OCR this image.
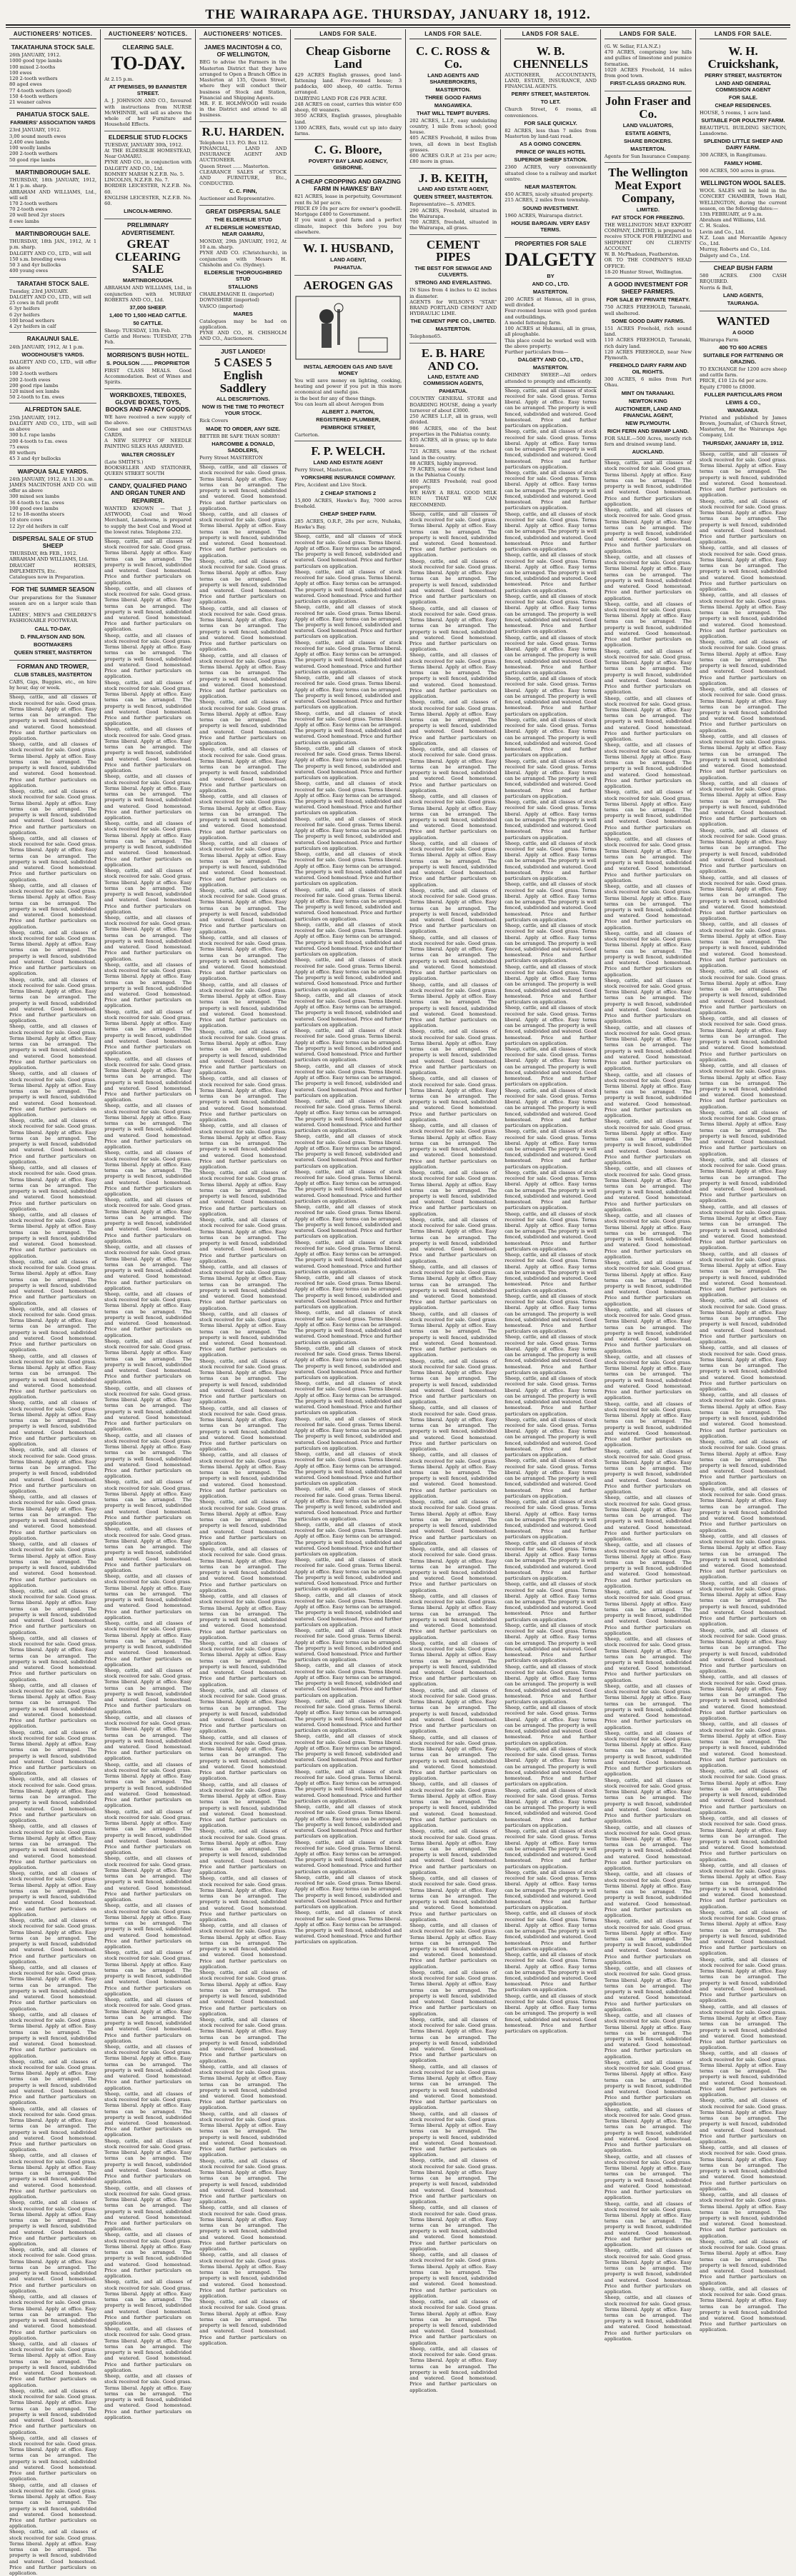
THE WAIRARAPA AGE. THURSDAY, JANUARY 18, 1912.
AUCTIONEERS' NOTICES.
TAKATAHUNA STOCK SALE.
26th JANUARY, 1912.
1000 good type lambs
100 mixed 2-tooths
100 ewes
120 2-tooth wethers
80 aged ewes
77 4-tooth wethers (good)
150 4-tooth wethers
21 weaner calves
PAHIATUA STOCK SALE.
FARMERS' ASSOCIATION YARDS
23rd JANUARY, 1912.
3,00 sound mouth ewes
2,400 ewe lambs
100 woolly lambs
200 2-tooth wethers
50 good ripe lambs
MARTINBOROUGH SALE.
THURSDAY, 18th JANUARY, 1912, At 1 p.m. sharp.
ABRAHAM AND WILLIAMS, Ltd., will sell
170 2-tooth wethers
70 2-tooth ewes
20 well bred 2yr steers
8 ewe lambs
MARTINBOROUGH SALE.
THURSDAY, 18th JAN., 1912, At 1 p.m. sharp.
DALGETY AND CO., LTD., will sell
150 s.m. breeding ewes
50 3 and 4yr bullocks
400 young ewes
TARATAHI STOCK SALE.
Tuesday, 23rd JANUARY.
DALGETY AND CO., LTD., will sell
25 cows in full profit
6 3yr heifers
6 2yr heifers
100 broad wethers
4 2yr heifers in calf
RAKAUNUI SALE.
24th JANUARY, 1912, At 1 p.m.
WOODHOUSE'S YARDS.
DALGETY AND CO., LTD., will offer as above
100 2-tooth wethers
200 2-tooth ewes
200 good ripe lambs
120 mixed sex lambs
50 2-tooth to f.m. ewes
ALFREDTON SALE.
25th JANUARY, 1912.
DALGETY AND CO., LTD., will sell as above
300 b.f. rape lambs
200 4-tooth to f.m. ewes
75 ewes
80 wethers
45 3 and 4yr bullocks
WAIPOUA SALE YARDS.
24th JANUARY, 1912, At 11.30 a.m.
JAMES MACINTOSH AND CO. will offer as above
300 mixed sex lambs
36 4-tooth to f.m. ewes
100 good ewe lambs
12 to 18-months steers
10 store cows
12 2yr old heifers in calf
DISPERSAL SALE OF STUD SHEEP
THURSDAY, 8th FEB., 1912.
ABRAHAM AND WILLIAMS, Ltd.
DRAUGHT HORSES, IMPLEMENTS, Etc.
Catalogues now in Preparation.
FOR THE SUMMER SEASON
Our preparations for the Summer season are on a larger scale than ever.
LADIES', MEN'S and CHILDREN'S FASHIONABLE FOOTWEAR.
CALL TO-DAY.
D. FINLAYSON AND SON.
BOOTMAKERS
QUEEN STREET, MASTERTON
FORMAN AND TROWER,
CLUB STABLES, MASTERTON
CABS, Gigs, Buggies, etc., on hire by hour, day or week.
Sheep, cattle, and all classes of stock received for sale. Good grass. Terms liberal. Apply at office. Easy terms can be arranged. The property is well fenced, subdivided and watered. Good homestead. Price and further particulars on application.
Sheep, cattle, and all classes of stock received for sale. Good grass. Terms liberal. Apply at office. Easy terms can be arranged. The property is well fenced, subdivided and watered. Good homestead. Price and further particulars on application.
Sheep, cattle, and all classes of stock received for sale. Good grass. Terms liberal. Apply at office. Easy terms can be arranged. The property is well fenced, subdivided and watered. Good homestead. Price and further particulars on application.
Sheep, cattle, and all classes of stock received for sale. Good grass. Terms liberal. Apply at office. Easy terms can be arranged. The property is well fenced, subdivided and watered. Good homestead. Price and further particulars on application.
Sheep, cattle, and all classes of stock received for sale. Good grass. Terms liberal. Apply at office. Easy terms can be arranged. The property is well fenced, subdivided and watered. Good homestead. Price and further particulars on application.
Sheep, cattle, and all classes of stock received for sale. Good grass. Terms liberal. Apply at office. Easy terms can be arranged. The property is well fenced, subdivided and watered. Good homestead. Price and further particulars on application.
Sheep, cattle, and all classes of stock received for sale. Good grass. Terms liberal. Apply at office. Easy terms can be arranged. The property is well fenced, subdivided and watered. Good homestead. Price and further particulars on application.
Sheep, cattle, and all classes of stock received for sale. Good grass. Terms liberal. Apply at office. Easy terms can be arranged. The property is well fenced, subdivided and watered. Good homestead. Price and further particulars on application.
Sheep, cattle, and all classes of stock received for sale. Good grass. Terms liberal. Apply at office. Easy terms can be arranged. The property is well fenced, subdivided and watered. Good homestead. Price and further particulars on application.
Sheep, cattle, and all classes of stock received for sale. Good grass. Terms liberal. Apply at office. Easy terms can be arranged. The property is well fenced, subdivided and watered. Good homestead. Price and further particulars on application.
Sheep, cattle, and all classes of stock received for sale. Good grass. Terms liberal. Apply at office. Easy terms can be arranged. The property is well fenced, subdivided and watered. Good homestead. Price and further particulars on application.
Sheep, cattle, and all classes of stock received for sale. Good grass. Terms liberal. Apply at office. Easy terms can be arranged. The property is well fenced, subdivided and watered. Good homestead. Price and further particulars on application.
Sheep, cattle, and all classes of stock received for sale. Good grass. Terms liberal. Apply at office. Easy terms can be arranged. The property is well fenced, subdivided and watered. Good homestead. Price and further particulars on application.
Sheep, cattle, and all classes of stock received for sale. Good grass. Terms liberal. Apply at office. Easy terms can be arranged. The property is well fenced, subdivided and watered. Good homestead. Price and further particulars on application.
Sheep, cattle, and all classes of stock received for sale. Good grass. Terms liberal. Apply at office. Easy terms can be arranged. The property is well fenced, subdivided and watered. Good homestead. Price and further particulars on application.
Sheep, cattle, and all classes of stock received for sale. Good grass. Terms liberal. Apply at office. Easy terms can be arranged. The property is well fenced, subdivided and watered. Good homestead. Price and further particulars on application.
Sheep, cattle, and all classes of stock received for sale. Good grass. Terms liberal. Apply at office. Easy terms can be arranged. The property is well fenced, subdivided and watered. Good homestead. Price and further particulars on application.
Sheep, cattle, and all classes of stock received for sale. Good grass. Terms liberal. Apply at office. Easy terms can be arranged. The property is well fenced, subdivided and watered. Good homestead. Price and further particulars on application.
Sheep, cattle, and all classes of stock received for sale. Good grass. Terms liberal. Apply at office. Easy terms can be arranged. The property is well fenced, subdivided and watered. Good homestead. Price and further particulars on application.
Sheep, cattle, and all classes of stock received for sale. Good grass. Terms liberal. Apply at office. Easy terms can be arranged. The property is well fenced, subdivided and watered. Good homestead. Price and further particulars on application.
Sheep, cattle, and all classes of stock received for sale. Good grass. Terms liberal. Apply at office. Easy terms can be arranged. The property is well fenced, subdivided and watered. Good homestead. Price and further particulars on application.
Sheep, cattle, and all classes of stock received for sale. Good grass. Terms liberal. Apply at office. Easy terms can be arranged. The property is well fenced, subdivided and watered. Good homestead. Price and further particulars on application.
Sheep, cattle, and all classes of stock received for sale. Good grass. Terms liberal. Apply at office. Easy terms can be arranged. The property is well fenced, subdivided and watered. Good homestead. Price and further particulars on application.
Sheep, cattle, and all classes of stock received for sale. Good grass. Terms liberal. Apply at office. Easy terms can be arranged. The property is well fenced, subdivided and watered. Good homestead. Price and further particulars on application.
Sheep, cattle, and all classes of stock received for sale. Good grass. Terms liberal. Apply at office. Easy terms can be arranged. The property is well fenced, subdivided and watered. Good homestead. Price and further particulars on application.
Sheep, cattle, and all classes of stock received for sale. Good grass. Terms liberal. Apply at office. Easy terms can be arranged. The property is well fenced, subdivided and watered. Good homestead. Price and further particulars on application.
Sheep, cattle, and all classes of stock received for sale. Good grass. Terms liberal. Apply at office. Easy terms can be arranged. The property is well fenced, subdivided and watered. Good homestead. Price and further particulars on application.
Sheep, cattle, and all classes of stock received for sale. Good grass. Terms liberal. Apply at office. Easy terms can be arranged. The property is well fenced, subdivided and watered. Good homestead. Price and further particulars on application.
Sheep, cattle, and all classes of stock received for sale. Good grass. Terms liberal. Apply at office. Easy terms can be arranged. The property is well fenced, subdivided and watered. Good homestead. Price and further particulars on application.
Sheep, cattle, and all classes of stock received for sale. Good grass. Terms liberal. Apply at office. Easy terms can be arranged. The property is well fenced, subdivided and watered. Good homestead. Price and further particulars on application.
Sheep, cattle, and all classes of stock received for sale. Good grass. Terms liberal. Apply at office. Easy terms can be arranged. The property is well fenced, subdivided and watered. Good homestead. Price and further particulars on application.
Sheep, cattle, and all classes of stock received for sale. Good grass. Terms liberal. Apply at office. Easy terms can be arranged. The property is well fenced, subdivided and watered. Good homestead. Price and further particulars on application.
Sheep, cattle, and all classes of stock received for sale. Good grass. Terms liberal. Apply at office. Easy terms can be arranged. The property is well fenced, subdivided and watered. Good homestead. Price and further particulars on application.
Sheep, cattle, and all classes of stock received for sale. Good grass. Terms liberal. Apply at office. Easy terms can be arranged. The property is well fenced, subdivided and watered. Good homestead. Price and further particulars on application.
Sheep, cattle, and all classes of stock received for sale. Good grass. Terms liberal. Apply at office. Easy terms can be arranged. The property is well fenced, subdivided and watered. Good homestead. Price and further particulars on application.
Sheep, cattle, and all classes of stock received for sale. Good grass. Terms liberal. Apply at office. Easy terms can be arranged. The property is well fenced, subdivided and watered. Good homestead. Price and further particulars on application.
Sheep, cattle, and all classes of stock received for sale. Good grass. Terms liberal. Apply at office. Easy terms can be arranged. The property is well fenced, subdivided and watered. Good homestead. Price and further particulars on application.
Sheep, cattle, and all classes of stock received for sale. Good grass. Terms liberal. Apply at office. Easy terms can be arranged. The property is well fenced, subdivided and watered. Good homestead. Price and further particulars on application.
Sheep, cattle, and all classes of stock received for sale. Good grass. Terms liberal. Apply at office. Easy terms can be arranged. The property is well fenced, subdivided and watered. Good homestead. Price and further particulars on application.
Sheep, cattle, and all classes of stock received for sale. Good grass. Terms liberal. Apply at office. Easy terms can be arranged. The property is well fenced, subdivided and watered. Good homestead. Price and further particulars on application.
AUCTIONEERS' NOTICES.
CLEARING SALE.
TO-DAY.
At 2.15 p.m.
AT PREMISES, 99 BANNISTER STREET.
A. J. JOHNSON AND CO., favoured with instructions from NURSE McWHINNIE, will sell as above the whole of her Furniture and Household Effects.
ELDERSLIE STUD FLOCKS
TUESDAY, JANUARY 30th, 1912.
At THE ELDERSLIE HOMESTEAD, Near OAMARU.
PYNE AND CO., in conjunction with DALGETY AND CO., Ltd.
ROMNEY MARSH N.Z.F.B. No. 5.
LINCOLNS, N.Z.F.B. No. 7.
BORDER LEICESTER, N.Z.F.B. No. 60.
ENGLISH LEICESTER, N.Z.F.B. No. 60.
LINCOLN-MERINO.
PRELIMINARY ADVERTISEMENT.
GREAT CLEARING SALE
MARTINBOROUGH.
ABRAHAM AND WILLIAMS, Ltd., in conjunction with MURRAY ROBERTS AND CO., Ltd.
37,000 SHEEP.
1,400 TO 1,500 HEAD CATTLE.
50 CATTLE.
Sheep: TUESDAY, 13th Feb.
Cattle and Horses: TUESDAY, 27th Feb.
MORRISON'S BUSH HOTEL.
S. POULSON ........ PROPRIETOR
FIRST CLASS MEALS. Good Accommodation. Best of Wines and Spirits.
WORKBOXES, TIEBOXES, GLOVE BOXES, TOYS, BOOKS AND FANCY GOODS.
WE have received a new supply of the above.
Come and see our CHRISTMAS CARDS.
A NEW SUPPLY OF NEEDLE PAINTING SILKS HAS ARRIVED.
WALTER CROSSLEY
(Late SMITH'S.)
BOOKSELLER AND STATIONER, QUEEN STREET SOUTH
CANDY, QUALIFIED PIANO AND ORGAN TUNER AND REPAIRER.
WANTED KNOWN — That J. ASTWOOD, Coal and Wood Merchant, Lansdowne, is prepared to supply the best Coal and Wood at the lowest rates. Telephone 232.
Sheep, cattle, and all classes of stock received for sale. Good grass. Terms liberal. Apply at office. Easy terms can be arranged. The property is well fenced, subdivided and watered. Good homestead. Price and further particulars on application.
Sheep, cattle, and all classes of stock received for sale. Good grass. Terms liberal. Apply at office. Easy terms can be arranged. The property is well fenced, subdivided and watered. Good homestead. Price and further particulars on application.
Sheep, cattle, and all classes of stock received for sale. Good grass. Terms liberal. Apply at office. Easy terms can be arranged. The property is well fenced, subdivided and watered. Good homestead. Price and further particulars on application.
Sheep, cattle, and all classes of stock received for sale. Good grass. Terms liberal. Apply at office. Easy terms can be arranged. The property is well fenced, subdivided and watered. Good homestead. Price and further particulars on application.
Sheep, cattle, and all classes of stock received for sale. Good grass. Terms liberal. Apply at office. Easy terms can be arranged. The property is well fenced, subdivided and watered. Good homestead. Price and further particulars on application.
Sheep, cattle, and all classes of stock received for sale. Good grass. Terms liberal. Apply at office. Easy terms can be arranged. The property is well fenced, subdivided and watered. Good homestead. Price and further particulars on application.
Sheep, cattle, and all classes of stock received for sale. Good grass. Terms liberal. Apply at office. Easy terms can be arranged. The property is well fenced, subdivided and watered. Good homestead. Price and further particulars on application.
Sheep, cattle, and all classes of stock received for sale. Good grass. Terms liberal. Apply at office. Easy terms can be arranged. The property is well fenced, subdivided and watered. Good homestead. Price and further particulars on application.
Sheep, cattle, and all classes of stock received for sale. Good grass. Terms liberal. Apply at office. Easy terms can be arranged. The property is well fenced, subdivided and watered. Good homestead. Price and further particulars on application.
Sheep, cattle, and all classes of stock received for sale. Good grass. Terms liberal. Apply at office. Easy terms can be arranged. The property is well fenced, subdivided and watered. Good homestead. Price and further particulars on application.
Sheep, cattle, and all classes of stock received for sale. Good grass. Terms liberal. Apply at office. Easy terms can be arranged. The property is well fenced, subdivided and watered. Good homestead. Price and further particulars on application.
Sheep, cattle, and all classes of stock received for sale. Good grass. Terms liberal. Apply at office. Easy terms can be arranged. The property is well fenced, subdivided and watered. Good homestead. Price and further particulars on application.
Sheep, cattle, and all classes of stock received for sale. Good grass. Terms liberal. Apply at office. Easy terms can be arranged. The property is well fenced, subdivided and watered. Good homestead. Price and further particulars on application.
Sheep, cattle, and all classes of stock received for sale. Good grass. Terms liberal. Apply at office. Easy terms can be arranged. The property is well fenced, subdivided and watered. Good homestead. Price and further particulars on application.
Sheep, cattle, and all classes of stock received for sale. Good grass. Terms liberal. Apply at office. Easy terms can be arranged. The property is well fenced, subdivided and watered. Good homestead. Price and further particulars on application.
Sheep, cattle, and all classes of stock received for sale. Good grass. Terms liberal. Apply at office. Easy terms can be arranged. The property is well fenced, subdivided and watered. Good homestead. Price and further particulars on application.
Sheep, cattle, and all classes of stock received for sale. Good grass. Terms liberal. Apply at office. Easy terms can be arranged. The property is well fenced, subdivided and watered. Good homestead. Price and further particulars on application.
Sheep, cattle, and all classes of stock received for sale. Good grass. Terms liberal. Apply at office. Easy terms can be arranged. The property is well fenced, subdivided and watered. Good homestead. Price and further particulars on application.
Sheep, cattle, and all classes of stock received for sale. Good grass. Terms liberal. Apply at office. Easy terms can be arranged. The property is well fenced, subdivided and watered. Good homestead. Price and further particulars on application.
Sheep, cattle, and all classes of stock received for sale. Good grass. Terms liberal. Apply at office. Easy terms can be arranged. The property is well fenced, subdivided and watered. Good homestead. Price and further particulars on application.
Sheep, cattle, and all classes of stock received for sale. Good grass. Terms liberal. Apply at office. Easy terms can be arranged. The property is well fenced, subdivided and watered. Good homestead. Price and further particulars on application.
Sheep, cattle, and all classes of stock received for sale. Good grass. Terms liberal. Apply at office. Easy terms can be arranged. The property is well fenced, subdivided and watered. Good homestead. Price and further particulars on application.
Sheep, cattle, and all classes of stock received for sale. Good grass. Terms liberal. Apply at office. Easy terms can be arranged. The property is well fenced, subdivided and watered. Good homestead. Price and further particulars on application.
Sheep, cattle, and all classes of stock received for sale. Good grass. Terms liberal. Apply at office. Easy terms can be arranged. The property is well fenced, subdivided and watered. Good homestead. Price and further particulars on application.
Sheep, cattle, and all classes of stock received for sale. Good grass. Terms liberal. Apply at office. Easy terms can be arranged. The property is well fenced, subdivided and watered. Good homestead. Price and further particulars on application.
Sheep, cattle, and all classes of stock received for sale. Good grass. Terms liberal. Apply at office. Easy terms can be arranged. The property is well fenced, subdivided and watered. Good homestead. Price and further particulars on application.
Sheep, cattle, and all classes of stock received for sale. Good grass. Terms liberal. Apply at office. Easy terms can be arranged. The property is well fenced, subdivided and watered. Good homestead. Price and further particulars on application.
Sheep, cattle, and all classes of stock received for sale. Good grass. Terms liberal. Apply at office. Easy terms can be arranged. The property is well fenced, subdivided and watered. Good homestead. Price and further particulars on application.
Sheep, cattle, and all classes of stock received for sale. Good grass. Terms liberal. Apply at office. Easy terms can be arranged. The property is well fenced, subdivided and watered. Good homestead. Price and further particulars on application.
Sheep, cattle, and all classes of stock received for sale. Good grass. Terms liberal. Apply at office. Easy terms can be arranged. The property is well fenced, subdivided and watered. Good homestead. Price and further particulars on application.
Sheep, cattle, and all classes of stock received for sale. Good grass. Terms liberal. Apply at office. Easy terms can be arranged. The property is well fenced, subdivided and watered. Good homestead. Price and further particulars on application.
Sheep, cattle, and all classes of stock received for sale. Good grass. Terms liberal. Apply at office. Easy terms can be arranged. The property is well fenced, subdivided and watered. Good homestead. Price and further particulars on application.
Sheep, cattle, and all classes of stock received for sale. Good grass. Terms liberal. Apply at office. Easy terms can be arranged. The property is well fenced, subdivided and watered. Good homestead. Price and further particulars on application.
Sheep, cattle, and all classes of stock received for sale. Good grass. Terms liberal. Apply at office. Easy terms can be arranged. The property is well fenced, subdivided and watered. Good homestead. Price and further particulars on application.
Sheep, cattle, and all classes of stock received for sale. Good grass. Terms liberal. Apply at office. Easy terms can be arranged. The property is well fenced, subdivided and watered. Good homestead. Price and further particulars on application.
Sheep, cattle, and all classes of stock received for sale. Good grass. Terms liberal. Apply at office. Easy terms can be arranged. The property is well fenced, subdivided and watered. Good homestead. Price and further particulars on application.
Sheep, cattle, and all classes of stock received for sale. Good grass. Terms liberal. Apply at office. Easy terms can be arranged. The property is well fenced, subdivided and watered. Good homestead. Price and further particulars on application.
Sheep, cattle, and all classes of stock received for sale. Good grass. Terms liberal. Apply at office. Easy terms can be arranged. The property is well fenced, subdivided and watered. Good homestead. Price and further particulars on application.
Sheep, cattle, and all classes of stock received for sale. Good grass. Terms liberal. Apply at office. Easy terms can be arranged. The property is well fenced, subdivided and watered. Good homestead. Price and further particulars on application.
Sheep, cattle, and all classes of stock received for sale. Good grass. Terms liberal. Apply at office. Easy terms can be arranged. The property is well fenced, subdivided and watered. Good homestead. Price and further particulars on application.
AUCTIONEERS' NOTICES.
JAMES MACINTOSH & CO, OF WELLINGTON,
BEG to advise the Farmers in the Masterton District that they have arranged to Open a Branch Office in Masterton at 135, Queen Street, where they will conduct their business of Stock and Station, Financial and Shipping Agents.
MR. F. E. HOLMWOOD will reside in the District and attend to all business.
R.U. HARDEN.
Telephone 113. P.O. Box 112.
FINANCIAL, LAND AND INSURANCE AGENT AND AUCTIONEER.
Queen Street ...... Masterton.
CLEARANCE SALES of STOCK AND FURNITURE, Etc., CONDUCTED.
C. C. FINN,
Auctioneer and Representative.
GREAT DISPERSAL SALE
THE ELDERSLIE STUD
AT ELDERSLIE HOMESTEAD, NEAR OAMARU,
MONDAY, 29th JANUARY, 1912, At 10 a.m. sharp.
PYNE AND CO. (Christchurch), in conjunction with Messrs H. Chisholm and Co. (Sydney).
ELDERSLIE THOROUGHBRED STUD
STALLIONS
CHARLEMAGNE II. (imported)
DOWNSHIRE (imported)
VASCO (imported)
MARES
Catalogues may be had on application.
PYNE AND CO., H. CHISHOLM AND CO., Auctioneers.
JUST LANDED!
5 CASES 5 English Saddlery
ALL DESCRIPTIONS.
NOW IS THE TIME TO PROTECT YOUR STOCK.
Rick Covers
MADE TO ORDER, ANY SIZE.
BETTER BE SAFE THAN SORRY!
HARCOMBE & DONALD, SADDLERS,
Perry Street MASTERTON
Sheep, cattle, and all classes of stock received for sale. Good grass. Terms liberal. Apply at office. Easy terms can be arranged. The property is well fenced, subdivided and watered. Good homestead. Price and further particulars on application.
Sheep, cattle, and all classes of stock received for sale. Good grass. Terms liberal. Apply at office. Easy terms can be arranged. The property is well fenced, subdivided and watered. Good homestead. Price and further particulars on application.
Sheep, cattle, and all classes of stock received for sale. Good grass. Terms liberal. Apply at office. Easy terms can be arranged. The property is well fenced, subdivided and watered. Good homestead. Price and further particulars on application.
Sheep, cattle, and all classes of stock received for sale. Good grass. Terms liberal. Apply at office. Easy terms can be arranged. The property is well fenced, subdivided and watered. Good homestead. Price and further particulars on application.
Sheep, cattle, and all classes of stock received for sale. Good grass. Terms liberal. Apply at office. Easy terms can be arranged. The property is well fenced, subdivided and watered. Good homestead. Price and further particulars on application.
Sheep, cattle, and all classes of stock received for sale. Good grass. Terms liberal. Apply at office. Easy terms can be arranged. The property is well fenced, subdivided and watered. Good homestead. Price and further particulars on application.
Sheep, cattle, and all classes of stock received for sale. Good grass. Terms liberal. Apply at office. Easy terms can be arranged. The property is well fenced, subdivided and watered. Good homestead. Price and further particulars on application.
Sheep, cattle, and all classes of stock received for sale. Good grass. Terms liberal. Apply at office. Easy terms can be arranged. The property is well fenced, subdivided and watered. Good homestead. Price and further particulars on application.
Sheep, cattle, and all classes of stock received for sale. Good grass. Terms liberal. Apply at office. Easy terms can be arranged. The property is well fenced, subdivided and watered. Good homestead. Price and further particulars on application.
Sheep, cattle, and all classes of stock received for sale. Good grass. Terms liberal. Apply at office. Easy terms can be arranged. The property is well fenced, subdivided and watered. Good homestead. Price and further particulars on application.
Sheep, cattle, and all classes of stock received for sale. Good grass. Terms liberal. Apply at office. Easy terms can be arranged. The property is well fenced, subdivided and watered. Good homestead. Price and further particulars on application.
Sheep, cattle, and all classes of stock received for sale. Good grass. Terms liberal. Apply at office. Easy terms can be arranged. The property is well fenced, subdivided and watered. Good homestead. Price and further particulars on application.
Sheep, cattle, and all classes of stock received for sale. Good grass. Terms liberal. Apply at office. Easy terms can be arranged. The property is well fenced, subdivided and watered. Good homestead. Price and further particulars on application.
Sheep, cattle, and all classes of stock received for sale. Good grass. Terms liberal. Apply at office. Easy terms can be arranged. The property is well fenced, subdivided and watered. Good homestead. Price and further particulars on application.
Sheep, cattle, and all classes of stock received for sale. Good grass. Terms liberal. Apply at office. Easy terms can be arranged. The property is well fenced, subdivided and watered. Good homestead. Price and further particulars on application.
Sheep, cattle, and all classes of stock received for sale. Good grass. Terms liberal. Apply at office. Easy terms can be arranged. The property is well fenced, subdivided and watered. Good homestead. Price and further particulars on application.
Sheep, cattle, and all classes of stock received for sale. Good grass. Terms liberal. Apply at office. Easy terms can be arranged. The property is well fenced, subdivided and watered. Good homestead. Price and further particulars on application.
Sheep, cattle, and all classes of stock received for sale. Good grass. Terms liberal. Apply at office. Easy terms can be arranged. The property is well fenced, subdivided and watered. Good homestead. Price and further particulars on application.
Sheep, cattle, and all classes of stock received for sale. Good grass. Terms liberal. Apply at office. Easy terms can be arranged. The property is well fenced, subdivided and watered. Good homestead. Price and further particulars on application.
Sheep, cattle, and all classes of stock received for sale. Good grass. Terms liberal. Apply at office. Easy terms can be arranged. The property is well fenced, subdivided and watered. Good homestead. Price and further particulars on application.
Sheep, cattle, and all classes of stock received for sale. Good grass. Terms liberal. Apply at office. Easy terms can be arranged. The property is well fenced, subdivided and watered. Good homestead. Price and further particulars on application.
Sheep, cattle, and all classes of stock received for sale. Good grass. Terms liberal. Apply at office. Easy terms can be arranged. The property is well fenced, subdivided and watered. Good homestead. Price and further particulars on application.
Sheep, cattle, and all classes of stock received for sale. Good grass. Terms liberal. Apply at office. Easy terms can be arranged. The property is well fenced, subdivided and watered. Good homestead. Price and further particulars on application.
Sheep, cattle, and all classes of stock received for sale. Good grass. Terms liberal. Apply at office. Easy terms can be arranged. The property is well fenced, subdivided and watered. Good homestead. Price and further particulars on application.
Sheep, cattle, and all classes of stock received for sale. Good grass. Terms liberal. Apply at office. Easy terms can be arranged. The property is well fenced, subdivided and watered. Good homestead. Price and further particulars on application.
Sheep, cattle, and all classes of stock received for sale. Good grass. Terms liberal. Apply at office. Easy terms can be arranged. The property is well fenced, subdivided and watered. Good homestead. Price and further particulars on application.
Sheep, cattle, and all classes of stock received for sale. Good grass. Terms liberal. Apply at office. Easy terms can be arranged. The property is well fenced, subdivided and watered. Good homestead. Price and further particulars on application.
Sheep, cattle, and all classes of stock received for sale. Good grass. Terms liberal. Apply at office. Easy terms can be arranged. The property is well fenced, subdivided and watered. Good homestead. Price and further particulars on application.
Sheep, cattle, and all classes of stock received for sale. Good grass. Terms liberal. Apply at office. Easy terms can be arranged. The property is well fenced, subdivided and watered. Good homestead. Price and further particulars on application.
Sheep, cattle, and all classes of stock received for sale. Good grass. Terms liberal. Apply at office. Easy terms can be arranged. The property is well fenced, subdivided and watered. Good homestead. Price and further particulars on application.
Sheep, cattle, and all classes of stock received for sale. Good grass. Terms liberal. Apply at office. Easy terms can be arranged. The property is well fenced, subdivided and watered. Good homestead. Price and further particulars on application.
Sheep, cattle, and all classes of stock received for sale. Good grass. Terms liberal. Apply at office. Easy terms can be arranged. The property is well fenced, subdivided and watered. Good homestead. Price and further particulars on application.
Sheep, cattle, and all classes of stock received for sale. Good grass. Terms liberal. Apply at office. Easy terms can be arranged. The property is well fenced, subdivided and watered. Good homestead. Price and further particulars on application.
Sheep, cattle, and all classes of stock received for sale. Good grass. Terms liberal. Apply at office. Easy terms can be arranged. The property is well fenced, subdivided and watered. Good homestead. Price and further particulars on application.
Sheep, cattle, and all classes of stock received for sale. Good grass. Terms liberal. Apply at office. Easy terms can be arranged. The property is well fenced, subdivided and watered. Good homestead. Price and further particulars on application.
Sheep, cattle, and all classes of stock received for sale. Good grass. Terms liberal. Apply at office. Easy terms can be arranged. The property is well fenced, subdivided and watered. Good homestead. Price and further particulars on application.
Sheep, cattle, and all classes of stock received for sale. Good grass. Terms liberal. Apply at office. Easy terms can be arranged. The property is well fenced, subdivided and watered. Good homestead. Price and further particulars on application.
Sheep, cattle, and all classes of stock received for sale. Good grass. Terms liberal. Apply at office. Easy terms can be arranged. The property is well fenced, subdivided and watered. Good homestead. Price and further particulars on application.
Sheep, cattle, and all classes of stock received for sale. Good grass. Terms liberal. Apply at office. Easy terms can be arranged. The property is well fenced, subdivided and watered. Good homestead. Price and further particulars on application.
Sheep, cattle, and all classes of stock received for sale. Good grass. Terms liberal. Apply at office. Easy terms can be arranged. The property is well fenced, subdivided and watered. Good homestead. Price and further particulars on application.
LANDS FOR SALE.
Cheap Gisborne Land
429 ACRES English grasses, good land-fattening land. Five-roomed house; 3 paddocks, 400 sheep, 40 cattle. Terms arranged.
DAIRYING LAND FOR £26 PER ACRE.
248 ACRES on coast, carries this winter 650 sheep, 60 weaners.
3050 ACRES, English grasses, ploughable land.
1300 ACRES, flats, would cut up into dairy farms.
C. G. Bloore,
POVERTY BAY LAND AGENCY, GISBORNE.
A CHEAP CROPPING AND GRAZING FARM IN HAWKES' BAY
821 ACRES, lease in perpetuity, Government rent 8s 3d per acre.
PRICE £9 10s per acre for owner's goodwill. Mortgage £400 to Government.
If you want a good farm and a perfect climate, inspect this before you buy elsewhere.
W. I. HUSBAND,
LAND AGENT,
PAHIATUA.
AEROGEN GAS
INSTAL AEROGEN GAS AND SAVE MONEY
You will save money on lighting, cooking, heating and power if you put in this more economical and useful gas.
is the best for any of these things.
You can learn all about Aerogen from
ALBERT J. PARTON,
REGISTERED PLUMBER,
PEMBROKE STREET,
Carterton.
F. P. WELCH.
LAND AND ESTATE AGENT
Perry Street, Masterton.
YORKSHIRE INSURANCE COMPANY.
Fire, Accident and Live Stock.
2 CHEAP STATIONS 2
15,800 ACRES, Hawke's Bay, 7000 acres freehold.
CHEAP SHEEP FARM.
285 ACRES, O.R.P., 28s per acre, Nuhaka, Hawke's Bay.
Sheep, cattle, and all classes of stock received for sale. Good grass. Terms liberal. Apply at office. Easy terms can be arranged. The property is well fenced, subdivided and watered. Good homestead. Price and further particulars on application.
Sheep, cattle, and all classes of stock received for sale. Good grass. Terms liberal. Apply at office. Easy terms can be arranged. The property is well fenced, subdivided and watered. Good homestead. Price and further particulars on application.
Sheep, cattle, and all classes of stock received for sale. Good grass. Terms liberal. Apply at office. Easy terms can be arranged. The property is well fenced, subdivided and watered. Good homestead. Price and further particulars on application.
Sheep, cattle, and all classes of stock received for sale. Good grass. Terms liberal. Apply at office. Easy terms can be arranged. The property is well fenced, subdivided and watered. Good homestead. Price and further particulars on application.
Sheep, cattle, and all classes of stock received for sale. Good grass. Terms liberal. Apply at office. Easy terms can be arranged. The property is well fenced, subdivided and watered. Good homestead. Price and further particulars on application.
Sheep, cattle, and all classes of stock received for sale. Good grass. Terms liberal. Apply at office. Easy terms can be arranged. The property is well fenced, subdivided and watered. Good homestead. Price and further particulars on application.
Sheep, cattle, and all classes of stock received for sale. Good grass. Terms liberal. Apply at office. Easy terms can be arranged. The property is well fenced, subdivided and watered. Good homestead. Price and further particulars on application.
Sheep, cattle, and all classes of stock received for sale. Good grass. Terms liberal. Apply at office. Easy terms can be arranged. The property is well fenced, subdivided and watered. Good homestead. Price and further particulars on application.
Sheep, cattle, and all classes of stock received for sale. Good grass. Terms liberal. Apply at office. Easy terms can be arranged. The property is well fenced, subdivided and watered. Good homestead. Price and further particulars on application.
Sheep, cattle, and all classes of stock received for sale. Good grass. Terms liberal. Apply at office. Easy terms can be arranged. The property is well fenced, subdivided and watered. Good homestead. Price and further particulars on application.
Sheep, cattle, and all classes of stock received for sale. Good grass. Terms liberal. Apply at office. Easy terms can be arranged. The property is well fenced, subdivided and watered. Good homestead. Price and further particulars on application.
Sheep, cattle, and all classes of stock received for sale. Good grass. Terms liberal. Apply at office. Easy terms can be arranged. The property is well fenced, subdivided and watered. Good homestead. Price and further particulars on application.
Sheep, cattle, and all classes of stock received for sale. Good grass. Terms liberal. Apply at office. Easy terms can be arranged. The property is well fenced, subdivided and watered. Good homestead. Price and further particulars on application.
Sheep, cattle, and all classes of stock received for sale. Good grass. Terms liberal. Apply at office. Easy terms can be arranged. The property is well fenced, subdivided and watered. Good homestead. Price and further particulars on application.
Sheep, cattle, and all classes of stock received for sale. Good grass. Terms liberal. Apply at office. Easy terms can be arranged. The property is well fenced, subdivided and watered. Good homestead. Price and further particulars on application.
Sheep, cattle, and all classes of stock received for sale. Good grass. Terms liberal. Apply at office. Easy terms can be arranged. The property is well fenced, subdivided and watered. Good homestead. Price and further particulars on application.
Sheep, cattle, and all classes of stock received for sale. Good grass. Terms liberal. Apply at office. Easy terms can be arranged. The property is well fenced, subdivided and watered. Good homestead. Price and further particulars on application.
Sheep, cattle, and all classes of stock received for sale. Good grass. Terms liberal. Apply at office. Easy terms can be arranged. The property is well fenced, subdivided and watered. Good homestead. Price and further particulars on application.
Sheep, cattle, and all classes of stock received for sale. Good grass. Terms liberal. Apply at office. Easy terms can be arranged. The property is well fenced, subdivided and watered. Good homestead. Price and further particulars on application.
Sheep, cattle, and all classes of stock received for sale. Good grass. Terms liberal. Apply at office. Easy terms can be arranged. The property is well fenced, subdivided and watered. Good homestead. Price and further particulars on application.
Sheep, cattle, and all classes of stock received for sale. Good grass. Terms liberal. Apply at office. Easy terms can be arranged. The property is well fenced, subdivided and watered. Good homestead. Price and further particulars on application.
Sheep, cattle, and all classes of stock received for sale. Good grass. Terms liberal. Apply at office. Easy terms can be arranged. The property is well fenced, subdivided and watered. Good homestead. Price and further particulars on application.
Sheep, cattle, and all classes of stock received for sale. Good grass. Terms liberal. Apply at office. Easy terms can be arranged. The property is well fenced, subdivided and watered. Good homestead. Price and further particulars on application.
Sheep, cattle, and all classes of stock received for sale. Good grass. Terms liberal. Apply at office. Easy terms can be arranged. The property is well fenced, subdivided and watered. Good homestead. Price and further particulars on application.
Sheep, cattle, and all classes of stock received for sale. Good grass. Terms liberal. Apply at office. Easy terms can be arranged. The property is well fenced, subdivided and watered. Good homestead. Price and further particulars on application.
Sheep, cattle, and all classes of stock received for sale. Good grass. Terms liberal. Apply at office. Easy terms can be arranged. The property is well fenced, subdivided and watered. Good homestead. Price and further particulars on application.
Sheep, cattle, and all classes of stock received for sale. Good grass. Terms liberal. Apply at office. Easy terms can be arranged. The property is well fenced, subdivided and watered. Good homestead. Price and further particulars on application.
Sheep, cattle, and all classes of stock received for sale. Good grass. Terms liberal. Apply at office. Easy terms can be arranged. The property is well fenced, subdivided and watered. Good homestead. Price and further particulars on application.
Sheep, cattle, and all classes of stock received for sale. Good grass. Terms liberal. Apply at office. Easy terms can be arranged. The property is well fenced, subdivided and watered. Good homestead. Price and further particulars on application.
Sheep, cattle, and all classes of stock received for sale. Good grass. Terms liberal. Apply at office. Easy terms can be arranged. The property is well fenced, subdivided and watered. Good homestead. Price and further particulars on application.
Sheep, cattle, and all classes of stock received for sale. Good grass. Terms liberal. Apply at office. Easy terms can be arranged. The property is well fenced, subdivided and watered. Good homestead. Price and further particulars on application.
Sheep, cattle, and all classes of stock received for sale. Good grass. Terms liberal. Apply at office. Easy terms can be arranged. The property is well fenced, subdivided and watered. Good homestead. Price and further particulars on application.
Sheep, cattle, and all classes of stock received for sale. Good grass. Terms liberal. Apply at office. Easy terms can be arranged. The property is well fenced, subdivided and watered. Good homestead. Price and further particulars on application.
Sheep, cattle, and all classes of stock received for sale. Good grass. Terms liberal. Apply at office. Easy terms can be arranged. The property is well fenced, subdivided and watered. Good homestead. Price and further particulars on application.
Sheep, cattle, and all classes of stock received for sale. Good grass. Terms liberal. Apply at office. Easy terms can be arranged. The property is well fenced, subdivided and watered. Good homestead. Price and further particulars on application.
Sheep, cattle, and all classes of stock received for sale. Good grass. Terms liberal. Apply at office. Easy terms can be arranged. The property is well fenced, subdivided and watered. Good homestead. Price and further particulars on application.
Sheep, cattle, and all classes of stock received for sale. Good grass. Terms liberal. Apply at office. Easy terms can be arranged. The property is well fenced, subdivided and watered. Good homestead. Price and further particulars on application.
Sheep, cattle, and all classes of stock received for sale. Good grass. Terms liberal. Apply at office. Easy terms can be arranged. The property is well fenced, subdivided and watered. Good homestead. Price and further particulars on application.
Sheep, cattle, and all classes of stock received for sale. Good grass. Terms liberal. Apply at office. Easy terms can be arranged. The property is well fenced, subdivided and watered. Good homestead. Price and further particulars on application.
Sheep, cattle, and all classes of stock received for sale. Good grass. Terms liberal. Apply at office. Easy terms can be arranged. The property is well fenced, subdivided and watered. Good homestead. Price and further particulars on application.
LANDS FOR SALE.
C. C. ROSS & Co.
LAND AGENTS AND SHAREBROKERS,
MASTERTON.
THREE GOOD FARMS
MANGAWEKA.
THAT WILL TEMPT BUYERS.
202 ACRES, L.I.P., easy undulating country, 1 mile from school; good house.
405 ACRES Freehold, 8 miles from town, all down in best English grasses.
600 ACRES O.R.P. at 21s per acre; £80 more in grass.
J. B. KEITH,
LAND AND ESTATE AGENT,
QUEEN STREET, MASTERTON.
Representative—S. AYMES.
290 ACRES, Freehold, situated in the Wairarapa.
700 ACRES, freehold, situated in the Wairarapa, all grass.
CEMENT PIPES
THE BEST FOR SEWAGE AND CULVERTS.
STRONG AND EVERLASTING.
IN Sizes from 4 inches to 42 inches in diameter.
AGENTS for WILSON'S "STAR" BRAND PORTLAND CEMENT AND HYDRAULIC LIME.
THE CEMENT PIPE CO., LIMITED.
MASTERTON.
Telephone65.
E. B. HARE AND CO.
LAND, ESTATE AND COMMISSION AGENTS,
PAHIATUA.
COUNTRY GENERAL STORE and BOARDING HOUSE, doing a yearly turnover of about £3000.
250 ACRES L.I.P., all in grass, well divided.
986 ACRES, one of the best properties in the Pahiatua county.
835 ACRES, all in grass; up to date house.
721 ACRES, some of the richest land in the country.
88 ACRES, highly improved.
79 ACRES, some of the richest land in the Pahiatua County.
400 ACRES Freehold; real good property.
WE HAVE A REAL GOOD MILK RUN THAT WE CAN RECOMMEND.
Sheep, cattle, and all classes of stock received for sale. Good grass. Terms liberal. Apply at office. Easy terms can be arranged. The property is well fenced, subdivided and watered. Good homestead. Price and further particulars on application.
Sheep, cattle, and all classes of stock received for sale. Good grass. Terms liberal. Apply at office. Easy terms can be arranged. The property is well fenced, subdivided and watered. Good homestead. Price and further particulars on application.
Sheep, cattle, and all classes of stock received for sale. Good grass. Terms liberal. Apply at office. Easy terms can be arranged. The property is well fenced, subdivided and watered. Good homestead. Price and further particulars on application.
Sheep, cattle, and all classes of stock received for sale. Good grass. Terms liberal. Apply at office. Easy terms can be arranged. The property is well fenced, subdivided and watered. Good homestead. Price and further particulars on application.
Sheep, cattle, and all classes of stock received for sale. Good grass. Terms liberal. Apply at office. Easy terms can be arranged. The property is well fenced, subdivided and watered. Good homestead. Price and further particulars on application.
Sheep, cattle, and all classes of stock received for sale. Good grass. Terms liberal. Apply at office. Easy terms can be arranged. The property is well fenced, subdivided and watered. Good homestead. Price and further particulars on application.
Sheep, cattle, and all classes of stock received for sale. Good grass. Terms liberal. Apply at office. Easy terms can be arranged. The property is well fenced, subdivided and watered. Good homestead. Price and further particulars on application.
Sheep, cattle, and all classes of stock received for sale. Good grass. Terms liberal. Apply at office. Easy terms can be arranged. The property is well fenced, subdivided and watered. Good homestead. Price and further particulars on application.
Sheep, cattle, and all classes of stock received for sale. Good grass. Terms liberal. Apply at office. Easy terms can be arranged. The property is well fenced, subdivided and watered. Good homestead. Price and further particulars on application.
Sheep, cattle, and all classes of stock received for sale. Good grass. Terms liberal. Apply at office. Easy terms can be arranged. The property is well fenced, subdivided and watered. Good homestead. Price and further particulars on application.
Sheep, cattle, and all classes of stock received for sale. Good grass. Terms liberal. Apply at office. Easy terms can be arranged. The property is well fenced, subdivided and watered. Good homestead. Price and further particulars on application.
Sheep, cattle, and all classes of stock received for sale. Good grass. Terms liberal. Apply at office. Easy terms can be arranged. The property is well fenced, subdivided and watered. Good homestead. Price and further particulars on application.
Sheep, cattle, and all classes of stock received for sale. Good grass. Terms liberal. Apply at office. Easy terms can be arranged. The property is well fenced, subdivided and watered. Good homestead. Price and further particulars on application.
Sheep, cattle, and all classes of stock received for sale. Good grass. Terms liberal. Apply at office. Easy terms can be arranged. The property is well fenced, subdivided and watered. Good homestead. Price and further particulars on application.
Sheep, cattle, and all classes of stock received for sale. Good grass. Terms liberal. Apply at office. Easy terms can be arranged. The property is well fenced, subdivided and watered. Good homestead. Price and further particulars on application.
Sheep, cattle, and all classes of stock received for sale. Good grass. Terms liberal. Apply at office. Easy terms can be arranged. The property is well fenced, subdivided and watered. Good homestead. Price and further particulars on application.
Sheep, cattle, and all classes of stock received for sale. Good grass. Terms liberal. Apply at office. Easy terms can be arranged. The property is well fenced, subdivided and watered. Good homestead. Price and further particulars on application.
Sheep, cattle, and all classes of stock received for sale. Good grass. Terms liberal. Apply at office. Easy terms can be arranged. The property is well fenced, subdivided and watered. Good homestead. Price and further particulars on application.
Sheep, cattle, and all classes of stock received for sale. Good grass. Terms liberal. Apply at office. Easy terms can be arranged. The property is well fenced, subdivided and watered. Good homestead. Price and further particulars on application.
Sheep, cattle, and all classes of stock received for sale. Good grass. Terms liberal. Apply at office. Easy terms can be arranged. The property is well fenced, subdivided and watered. Good homestead. Price and further particulars on application.
Sheep, cattle, and all classes of stock received for sale. Good grass. Terms liberal. Apply at office. Easy terms can be arranged. The property is well fenced, subdivided and watered. Good homestead. Price and further particulars on application.
Sheep, cattle, and all classes of stock received for sale. Good grass. Terms liberal. Apply at office. Easy terms can be arranged. The property is well fenced, subdivided and watered. Good homestead. Price and further particulars on application.
Sheep, cattle, and all classes of stock received for sale. Good grass. Terms liberal. Apply at office. Easy terms can be arranged. The property is well fenced, subdivided and watered. Good homestead. Price and further particulars on application.
Sheep, cattle, and all classes of stock received for sale. Good grass. Terms liberal. Apply at office. Easy terms can be arranged. The property is well fenced, subdivided and watered. Good homestead. Price and further particulars on application.
Sheep, cattle, and all classes of stock received for sale. Good grass. Terms liberal. Apply at office. Easy terms can be arranged. The property is well fenced, subdivided and watered. Good homestead. Price and further particulars on application.
Sheep, cattle, and all classes of stock received for sale. Good grass. Terms liberal. Apply at office. Easy terms can be arranged. The property is well fenced, subdivided and watered. Good homestead. Price and further particulars on application.
Sheep, cattle, and all classes of stock received for sale. Good grass. Terms liberal. Apply at office. Easy terms can be arranged. The property is well fenced, subdivided and watered. Good homestead. Price and further particulars on application.
Sheep, cattle, and all classes of stock received for sale. Good grass. Terms liberal. Apply at office. Easy terms can be arranged. The property is well fenced, subdivided and watered. Good homestead. Price and further particulars on application.
Sheep, cattle, and all classes of stock received for sale. Good grass. Terms liberal. Apply at office. Easy terms can be arranged. The property is well fenced, subdivided and watered. Good homestead. Price and further particulars on application.
Sheep, cattle, and all classes of stock received for sale. Good grass. Terms liberal. Apply at office. Easy terms can be arranged. The property is well fenced, subdivided and watered. Good homestead. Price and further particulars on application.
Sheep, cattle, and all classes of stock received for sale. Good grass. Terms liberal. Apply at office. Easy terms can be arranged. The property is well fenced, subdivided and watered. Good homestead. Price and further particulars on application.
Sheep, cattle, and all classes of stock received for sale. Good grass. Terms liberal. Apply at office. Easy terms can be arranged. The property is well fenced, subdivided and watered. Good homestead. Price and further particulars on application.
Sheep, cattle, and all classes of stock received for sale. Good grass. Terms liberal. Apply at office. Easy terms can be arranged. The property is well fenced, subdivided and watered. Good homestead. Price and further particulars on application.
Sheep, cattle, and all classes of stock received for sale. Good grass. Terms liberal. Apply at office. Easy terms can be arranged. The property is well fenced, subdivided and watered. Good homestead. Price and further particulars on application.
Sheep, cattle, and all classes of stock received for sale. Good grass. Terms liberal. Apply at office. Easy terms can be arranged. The property is well fenced, subdivided and watered. Good homestead. Price and further particulars on application.
Sheep, cattle, and all classes of stock received for sale. Good grass. Terms liberal. Apply at office. Easy terms can be arranged. The property is well fenced, subdivided and watered. Good homestead. Price and further particulars on application.
Sheep, cattle, and all classes of stock received for sale. Good grass. Terms liberal. Apply at office. Easy terms can be arranged. The property is well fenced, subdivided and watered. Good homestead. Price and further particulars on application.
Sheep, cattle, and all classes of stock received for sale. Good grass. Terms liberal. Apply at office. Easy terms can be arranged. The property is well fenced, subdivided and watered. Good homestead. Price and further particulars on application.
Sheep, cattle, and all classes of stock received for sale. Good grass. Terms liberal. Apply at office. Easy terms can be arranged. The property is well fenced, subdivided and watered. Good homestead. Price and further particulars on application.
Sheep, cattle, and all classes of stock received for sale. Good grass. Terms liberal. Apply at office. Easy terms can be arranged. The property is well fenced, subdivided and watered. Good homestead. Price and further particulars on application.
LANDS FOR SALE.
W. B. CHENNELLS
AUCTIONEER, ACCOUNTANTS, LAND, ESTATE, INSURANCE, AND FINANCIAL AGENTS.
PERRY STREET, MASTERTON.
TO LET.
Church Street, 6 rooms, all conveniences.
FOR SALE QUICKLY.
82 ACRES, less than 7 miles from Masterton by land-taxi road.
AS A GOING CONCERN.
PRINCE OF WALES HOTEL
SUPERIOR SHEEP STATION.
2360 ACRES, very conveniently situated close to a railway and market centre.
NEAR MASTERTON.
450 ACRES, nicely situated property.
215 ACRES, 2 miles from township.
SOUND INVESTMENT.
1960 ACRES, Wairarapa district.
HOUSE BARGAIN. VERY EASY TERMS.
PROPERTIES FOR SALE
DALGETY
BY
AND CO., LTD.
MASTERTON.
200 ACRES at Hamua, all in grass, well divided.
Four-roomed house with good garden and outbuildings.
A model fattening farm.
100 ACRES at Hukanui, all in grass, all ploughable.
This place could be worked well with the above property.
Further particulars from—
DALGETY AND CO., LTD.,
MASTERTON.
CHIMNEY SWEEP.—All orders attended to promptly and efficiently.
Sheep, cattle, and all classes of stock received for sale. Good grass. Terms liberal. Apply at office. Easy terms can be arranged. The property is well fenced, subdivided and watered. Good homestead. Price and further particulars on application.
Sheep, cattle, and all classes of stock received for sale. Good grass. Terms liberal. Apply at office. Easy terms can be arranged. The property is well fenced, subdivided and watered. Good homestead. Price and further particulars on application.
Sheep, cattle, and all classes of stock received for sale. Good grass. Terms liberal. Apply at office. Easy terms can be arranged. The property is well fenced, subdivided and watered. Good homestead. Price and further particulars on application.
Sheep, cattle, and all classes of stock received for sale. Good grass. Terms liberal. Apply at office. Easy terms can be arranged. The property is well fenced, subdivided and watered. Good homestead. Price and further particulars on application.
Sheep, cattle, and all classes of stock received for sale. Good grass. Terms liberal. Apply at office. Easy terms can be arranged. The property is well fenced, subdivided and watered. Good homestead. Price and further particulars on application.
Sheep, cattle, and all classes of stock received for sale. Good grass. Terms liberal. Apply at office. Easy terms can be arranged. The property is well fenced, subdivided and watered. Good homestead. Price and further particulars on application.
Sheep, cattle, and all classes of stock received for sale. Good grass. Terms liberal. Apply at office. Easy terms can be arranged. The property is well fenced, subdivided and watered. Good homestead. Price and further particulars on application.
Sheep, cattle, and all classes of stock received for sale. Good grass. Terms liberal. Apply at office. Easy terms can be arranged. The property is well fenced, subdivided and watered. Good homestead. Price and further particulars on application.
Sheep, cattle, and all classes of stock received for sale. Good grass. Terms liberal. Apply at office. Easy terms can be arranged. The property is well fenced, subdivided and watered. Good homestead. Price and further particulars on application.
Sheep, cattle, and all classes of stock received for sale. Good grass. Terms liberal. Apply at office. Easy terms can be arranged. The property is well fenced, subdivided and watered. Good homestead. Price and further particulars on application.
Sheep, cattle, and all classes of stock received for sale. Good grass. Terms liberal. Apply at office. Easy terms can be arranged. The property is well fenced, subdivided and watered. Good homestead. Price and further particulars on application.
Sheep, cattle, and all classes of stock received for sale. Good grass. Terms liberal. Apply at office. Easy terms can be arranged. The property is well fenced, subdivided and watered. Good homestead. Price and further particulars on application.
Sheep, cattle, and all classes of stock received for sale. Good grass. Terms liberal. Apply at office. Easy terms can be arranged. The property is well fenced, subdivided and watered. Good homestead. Price and further particulars on application.
Sheep, cattle, and all classes of stock received for sale. Good grass. Terms liberal. Apply at office. Easy terms can be arranged. The property is well fenced, subdivided and watered. Good homestead. Price and further particulars on application.
Sheep, cattle, and all classes of stock received for sale. Good grass. Terms liberal. Apply at office. Easy terms can be arranged. The property is well fenced, subdivided and watered. Good homestead. Price and further particulars on application.
Sheep, cattle, and all classes of stock received for sale. Good grass. Terms liberal. Apply at office. Easy terms can be arranged. The property is well fenced, subdivided and watered. Good homestead. Price and further particulars on application.
Sheep, cattle, and all classes of stock received for sale. Good grass. Terms liberal. Apply at office. Easy terms can be arranged. The property is well fenced, subdivided and watered. Good homestead. Price and further particulars on application.
Sheep, cattle, and all classes of stock received for sale. Good grass. Terms liberal. Apply at office. Easy terms can be arranged. The property is well fenced, subdivided and watered. Good homestead. Price and further particulars on application.
Sheep, cattle, and all classes of stock received for sale. Good grass. Terms liberal. Apply at office. Easy terms can be arranged. The property is well fenced, subdivided and watered. Good homestead. Price and further particulars on application.
Sheep, cattle, and all classes of stock received for sale. Good grass. Terms liberal. Apply at office. Easy terms can be arranged. The property is well fenced, subdivided and watered. Good homestead. Price and further particulars on application.
Sheep, cattle, and all classes of stock received for sale. Good grass. Terms liberal. Apply at office. Easy terms can be arranged. The property is well fenced, subdivided and watered. Good homestead. Price and further particulars on application.
Sheep, cattle, and all classes of stock received for sale. Good grass. Terms liberal. Apply at office. Easy terms can be arranged. The property is well fenced, subdivided and watered. Good homestead. Price and further particulars on application.
Sheep, cattle, and all classes of stock received for sale. Good grass. Terms liberal. Apply at office. Easy terms can be arranged. The property is well fenced, subdivided and watered. Good homestead. Price and further particulars on application.
Sheep, cattle, and all classes of stock received for sale. Good grass. Terms liberal. Apply at office. Easy terms can be arranged. The property is well fenced, subdivided and watered. Good homestead. Price and further particulars on application.
Sheep, cattle, and all classes of stock received for sale. Good grass. Terms liberal. Apply at office. Easy terms can be arranged. The property is well fenced, subdivided and watered. Good homestead. Price and further particulars on application.
Sheep, cattle, and all classes of stock received for sale. Good grass. Terms liberal. Apply at office. Easy terms can be arranged. The property is well fenced, subdivided and watered. Good homestead. Price and further particulars on application.
Sheep, cattle, and all classes of stock received for sale. Good grass. Terms liberal. Apply at office. Easy terms can be arranged. The property is well fenced, subdivided and watered. Good homestead. Price and further particulars on application.
Sheep, cattle, and all classes of stock received for sale. Good grass. Terms liberal. Apply at office. Easy terms can be arranged. The property is well fenced, subdivided and watered. Good homestead. Price and further particulars on application.
Sheep, cattle, and all classes of stock received for sale. Good grass. Terms liberal. Apply at office. Easy terms can be arranged. The property is well fenced, subdivided and watered. Good homestead. Price and further particulars on application.
Sheep, cattle, and all classes of stock received for sale. Good grass. Terms liberal. Apply at office. Easy terms can be arranged. The property is well fenced, subdivided and watered. Good homestead. Price and further particulars on application.
Sheep, cattle, and all classes of stock received for sale. Good grass. Terms liberal. Apply at office. Easy terms can be arranged. The property is well fenced, subdivided and watered. Good homestead. Price and further particulars on application.
Sheep, cattle, and all classes of stock received for sale. Good grass. Terms liberal. Apply at office. Easy terms can be arranged. The property is well fenced, subdivided and watered. Good homestead. Price and further particulars on application.
Sheep, cattle, and all classes of stock received for sale. Good grass. Terms liberal. Apply at office. Easy terms can be arranged. The property is well fenced, subdivided and watered. Good homestead. Price and further particulars on application.
Sheep, cattle, and all classes of stock received for sale. Good grass. Terms liberal. Apply at office. Easy terms can be arranged. The property is well fenced, subdivided and watered. Good homestead. Price and further particulars on application.
Sheep, cattle, and all classes of stock received for sale. Good grass. Terms liberal. Apply at office. Easy terms can be arranged. The property is well fenced, subdivided and watered. Good homestead. Price and further particulars on application.
Sheep, cattle, and all classes of stock received for sale. Good grass. Terms liberal. Apply at office. Easy terms can be arranged. The property is well fenced, subdivided and watered. Good homestead. Price and further particulars on application.
Sheep, cattle, and all classes of stock received for sale. Good grass. Terms liberal. Apply at office. Easy terms can be arranged. The property is well fenced, subdivided and watered. Good homestead. Price and further particulars on application.
Sheep, cattle, and all classes of stock received for sale. Good grass. Terms liberal. Apply at office. Easy terms can be arranged. The property is well fenced, subdivided and watered. Good homestead. Price and further particulars on application.
Sheep, cattle, and all classes of stock received for sale. Good grass. Terms liberal. Apply at office. Easy terms can be arranged. The property is well fenced, subdivided and watered. Good homestead. Price and further particulars on application.
Sheep, cattle, and all classes of stock received for sale. Good grass. Terms liberal. Apply at office. Easy terms can be arranged. The property is well fenced, subdivided and watered. Good homestead. Price and further particulars on application.
LANDS FOR SALE.
(G. W. Sellar, F.I.A.N.Z.)
470 ACRES, comprising low hills and gullies of limestone and pumice formation.
1020 ACRES Freehold, 14 miles from good town.
FIRST-CLASS GRAZING RUN.
John Fraser and Co.
LAND VALUATORS,
ESTATE AGENTS,
SHARE BROKERS.
MASTERTON.
Agents for Sun Insurance Company.
The Wellington Meat Export Company,
LIMITED.
FAT STOCK FOR FREEZING.
THE WELLINGTON MEAT EXPORT COMPANY, LIMITED, is prepared to receive STOCK FOR FREEZING and SHIPMENT ON CLIENTS' ACCOUNT.
W. B. McPhadean, Featherston.
OR TO THE COMPANY'S HEAD OFFICE:
18-20 Hunter Street, Wellington.
A GOOD INVESTMENT FOR SHEEP FARMERS.
FOR SALE BY PRIVATE TREATY.
750 ACRES FREEHOLD, Taranaki, well sheltered.
SOME GOOD DAIRY FARMS.
151 ACRES Freehold, rich sound land.
110 ACRES FREEHOLD, Taranaki, rich dairy land.
120 ACRES FREEHOLD, near New Plymouth.
FREEHOLD DAIRY FARM AND OIL RIGHTS.
300 ACRES, 6 miles from Port Ohau.
MINT ON TARANAKI.
NEWTON KING
AUCTIONEER, LAND AND FINANCIAL AGENT,
NEW PLYMOUTH.
RICH FERN AND SWAMP LAND.
FOR SALE.—500 Acres, mostly rich fern and drained swamp land.
AUCKLAND.
Sheep, cattle, and all classes of stock received for sale. Good grass. Terms liberal. Apply at office. Easy terms can be arranged. The property is well fenced, subdivided and watered. Good homestead. Price and further particulars on application.
Sheep, cattle, and all classes of stock received for sale. Good grass. Terms liberal. Apply at office. Easy terms can be arranged. The property is well fenced, subdivided and watered. Good homestead. Price and further particulars on application.
Sheep, cattle, and all classes of stock received for sale. Good grass. Terms liberal. Apply at office. Easy terms can be arranged. The property is well fenced, subdivided and watered. Good homestead. Price and further particulars on application.
Sheep, cattle, and all classes of stock received for sale. Good grass. Terms liberal. Apply at office. Easy terms can be arranged. The property is well fenced, subdivided and watered. Good homestead. Price and further particulars on application.
Sheep, cattle, and all classes of stock received for sale. Good grass. Terms liberal. Apply at office. Easy terms can be arranged. The property is well fenced, subdivided and watered. Good homestead. Price and further particulars on application.
Sheep, cattle, and all classes of stock received for sale. Good grass. Terms liberal. Apply at office. Easy terms can be arranged. The property is well fenced, subdivided and watered. Good homestead. Price and further particulars on application.
Sheep, cattle, and all classes of stock received for sale. Good grass. Terms liberal. Apply at office. Easy terms can be arranged. The property is well fenced, subdivided and watered. Good homestead. Price and further particulars on application.
Sheep, cattle, and all classes of stock received for sale. Good grass. Terms liberal. Apply at office. Easy terms can be arranged. The property is well fenced, subdivided and watered. Good homestead. Price and further particulars on application.
Sheep, cattle, and all classes of stock received for sale. Good grass. Terms liberal. Apply at office. Easy terms can be arranged. The property is well fenced, subdivided and watered. Good homestead. Price and further particulars on application.
Sheep, cattle, and all classes of stock received for sale. Good grass. Terms liberal. Apply at office. Easy terms can be arranged. The property is well fenced, subdivided and watered. Good homestead. Price and further particulars on application.
Sheep, cattle, and all classes of stock received for sale. Good grass. Terms liberal. Apply at office. Easy terms can be arranged. The property is well fenced, subdivided and watered. Good homestead. Price and further particulars on application.
Sheep, cattle, and all classes of stock received for sale. Good grass. Terms liberal. Apply at office. Easy terms can be arranged. The property is well fenced, subdivided and watered. Good homestead. Price and further particulars on application.
Sheep, cattle, and all classes of stock received for sale. Good grass. Terms liberal. Apply at office. Easy terms can be arranged. The property is well fenced, subdivided and watered. Good homestead. Price and further particulars on application.
Sheep, cattle, and all classes of stock received for sale. Good grass. Terms liberal. Apply at office. Easy terms can be arranged. The property is well fenced, subdivided and watered. Good homestead. Price and further particulars on application.
Sheep, cattle, and all classes of stock received for sale. Good grass. Terms liberal. Apply at office. Easy terms can be arranged. The property is well fenced, subdivided and watered. Good homestead. Price and further particulars on application.
Sheep, cattle, and all classes of stock received for sale. Good grass. Terms liberal. Apply at office. Easy terms can be arranged. The property is well fenced, subdivided and watered. Good homestead. Price and further particulars on application.
Sheep, cattle, and all classes of stock received for sale. Good grass. Terms liberal. Apply at office. Easy terms can be arranged. The property is well fenced, subdivided and watered. Good homestead. Price and further particulars on application.
Sheep, cattle, and all classes of stock received for sale. Good grass. Terms liberal. Apply at office. Easy terms can be arranged. The property is well fenced, subdivided and watered. Good homestead. Price and further particulars on application.
Sheep, cattle, and all classes of stock received for sale. Good grass. Terms liberal. Apply at office. Easy terms can be arranged. The property is well fenced, subdivided and watered. Good homestead. Price and further particulars on application.
Sheep, cattle, and all classes of stock received for sale. Good grass. Terms liberal. Apply at office. Easy terms can be arranged. The property is well fenced, subdivided and watered. Good homestead. Price and further particulars on application.
Sheep, cattle, and all classes of stock received for sale. Good grass. Terms liberal. Apply at office. Easy terms can be arranged. The property is well fenced, subdivided and watered. Good homestead. Price and further particulars on application.
Sheep, cattle, and all classes of stock received for sale. Good grass. Terms liberal. Apply at office. Easy terms can be arranged. The property is well fenced, subdivided and watered. Good homestead. Price and further particulars on application.
Sheep, cattle, and all classes of stock received for sale. Good grass. Terms liberal. Apply at office. Easy terms can be arranged. The property is well fenced, subdivided and watered. Good homestead. Price and further particulars on application.
Sheep, cattle, and all classes of stock received for sale. Good grass. Terms liberal. Apply at office. Easy terms can be arranged. The property is well fenced, subdivided and watered. Good homestead. Price and further particulars on application.
Sheep, cattle, and all classes of stock received for sale. Good grass. Terms liberal. Apply at office. Easy terms can be arranged. The property is well fenced, subdivided and watered. Good homestead. Price and further particulars on application.
Sheep, cattle, and all classes of stock received for sale. Good grass. Terms liberal. Apply at office. Easy terms can be arranged. The property is well fenced, subdivided and watered. Good homestead. Price and further particulars on application.
Sheep, cattle, and all classes of stock received for sale. Good grass. Terms liberal. Apply at office. Easy terms can be arranged. The property is well fenced, subdivided and watered. Good homestead. Price and further particulars on application.
Sheep, cattle, and all classes of stock received for sale. Good grass. Terms liberal. Apply at office. Easy terms can be arranged. The property is well fenced, subdivided and watered. Good homestead. Price and further particulars on application.
Sheep, cattle, and all classes of stock received for sale. Good grass. Terms liberal. Apply at office. Easy terms can be arranged. The property is well fenced, subdivided and watered. Good homestead. Price and further particulars on application.
Sheep, cattle, and all classes of stock received for sale. Good grass. Terms liberal. Apply at office. Easy terms can be arranged. The property is well fenced, subdivided and watered. Good homestead. Price and further particulars on application.
Sheep, cattle, and all classes of stock received for sale. Good grass. Terms liberal. Apply at office. Easy terms can be arranged. The property is well fenced, subdivided and watered. Good homestead. Price and further particulars on application.
Sheep, cattle, and all classes of stock received for sale. Good grass. Terms liberal. Apply at office. Easy terms can be arranged. The property is well fenced, subdivided and watered. Good homestead. Price and further particulars on application.
Sheep, cattle, and all classes of stock received for sale. Good grass. Terms liberal. Apply at office. Easy terms can be arranged. The property is well fenced, subdivided and watered. Good homestead. Price and further particulars on application.
Sheep, cattle, and all classes of stock received for sale. Good grass. Terms liberal. Apply at office. Easy terms can be arranged. The property is well fenced, subdivided and watered. Good homestead. Price and further particulars on application.
Sheep, cattle, and all classes of stock received for sale. Good grass. Terms liberal. Apply at office. Easy terms can be arranged. The property is well fenced, subdivided and watered. Good homestead. Price and further particulars on application.
Sheep, cattle, and all classes of stock received for sale. Good grass. Terms liberal. Apply at office. Easy terms can be arranged. The property is well fenced, subdivided and watered. Good homestead. Price and further particulars on application.
Sheep, cattle, and all classes of stock received for sale. Good grass. Terms liberal. Apply at office. Easy terms can be arranged. The property is well fenced, subdivided and watered. Good homestead. Price and further particulars on application.
Sheep, cattle, and all classes of stock received for sale. Good grass. Terms liberal. Apply at office. Easy terms can be arranged. The property is well fenced, subdivided and watered. Good homestead. Price and further particulars on application.
Sheep, cattle, and all classes of stock received for sale. Good grass. Terms liberal. Apply at office. Easy terms can be arranged. The property is well fenced, subdivided and watered. Good homestead. Price and further particulars on application.
Sheep, cattle, and all classes of stock received for sale. Good grass. Terms liberal. Apply at office. Easy terms can be arranged. The property is well fenced, subdivided and watered. Good homestead. Price and further particulars on application.
LANDS FOR SALE.
W. H. Cruickshank,
PERRY STREET, MASTERTON
LAND AND GENERAL COMMISSION AGENT
FOR SALE.
CHEAP RESIDENCES.
HOUSE, 5 rooms, 1 acre land.
SUITABLE FOR POULTRY FARM.
BEAUTIFUL BUILDING SECTION, Lansdowne.
SPLENDID LITTLE SHEEP AND DAIRY FARM.
300 ACRES, in Rangitumau.
FAMILY HOME.
900 ACRES, 500 acres in grass.
WELLINGTON WOOL SALES.
WOOL SALES will be held in the CONCERT CHAMBER, Town Hall, WELLINGTON, during the current season, on the following dates:—
13th FEBRUARY, at 9 a.m.
Abraham and Williams, Ltd.
C. H. Scales.
Levin and Co., Ltd.
N.Z. Loan and Mercantile Agency Co., Ltd.
Murray, Roberts and Co., Ltd.
Dalgety and Co., Ltd.
CHEAP BUSH FARM
580 ACRES. £300 CASH REQUIRED.
Norris & Bell,
LAND AGENTS,
TAURANGA.
WANTED
A GOOD
Wairarapa Farm
400 TO 600 ACRES
SUITABLE FOR FATTENING OR GRAZING.
TO EXCHANGE for 1200 acre sheep and cattle farm.
PRICE, £10 12s 6d per acre.
Equity £7000 to £8000.
FULLER PARTICULARS FROM
LEWIS & CO.,
WANGANUI.
Printed and published by James Brown, Journalist, of Church Street, Masterton, for the Wairarapa Age Company, Ltd.
THURSDAY, JANUARY 18, 1912.
Sheep, cattle, and all classes of stock received for sale. Good grass. Terms liberal. Apply at office. Easy terms can be arranged. The property is well fenced, subdivided and watered. Good homestead. Price and further particulars on application.
Sheep, cattle, and all classes of stock received for sale. Good grass. Terms liberal. Apply at office. Easy terms can be arranged. The property is well fenced, subdivided and watered. Good homestead. Price and further particulars on application.
Sheep, cattle, and all classes of stock received for sale. Good grass. Terms liberal. Apply at office. Easy terms can be arranged. The property is well fenced, subdivided and watered. Good homestead. Price and further particulars on application.
Sheep, cattle, and all classes of stock received for sale. Good grass. Terms liberal. Apply at office. Easy terms can be arranged. The property is well fenced, subdivided and watered. Good homestead. Price and further particulars on application.
Sheep, cattle, and all classes of stock received for sale. Good grass. Terms liberal. Apply at office. Easy terms can be arranged. The property is well fenced, subdivided and watered. Good homestead. Price and further particulars on application.
Sheep, cattle, and all classes of stock received for sale. Good grass. Terms liberal. Apply at office. Easy terms can be arranged. The property is well fenced, subdivided and watered. Good homestead. Price and further particulars on application.
Sheep, cattle, and all classes of stock received for sale. Good grass. Terms liberal. Apply at office. Easy terms can be arranged. The property is well fenced, subdivided and watered. Good homestead. Price and further particulars on application.
Sheep, cattle, and all classes of stock received for sale. Good grass. Terms liberal. Apply at office. Easy terms can be arranged. The property is well fenced, subdivided and watered. Good homestead. Price and further particulars on application.
Sheep, cattle, and all classes of stock received for sale. Good grass. Terms liberal. Apply at office. Easy terms can be arranged. The property is well fenced, subdivided and watered. Good homestead. Price and further particulars on application.
Sheep, cattle, and all classes of stock received for sale. Good grass. Terms liberal. Apply at office. Easy terms can be arranged. The property is well fenced, subdivided and watered. Good homestead. Price and further particulars on application.
Sheep, cattle, and all classes of stock received for sale. Good grass. Terms liberal. Apply at office. Easy terms can be arranged. The property is well fenced, subdivided and watered. Good homestead. Price and further particulars on application.
Sheep, cattle, and all classes of stock received for sale. Good grass. Terms liberal. Apply at office. Easy terms can be arranged. The property is well fenced, subdivided and watered. Good homestead. Price and further particulars on application.
Sheep, cattle, and all classes of stock received for sale. Good grass. Terms liberal. Apply at office. Easy terms can be arranged. The property is well fenced, subdivided and watered. Good homestead. Price and further particulars on application.
Sheep, cattle, and all classes of stock received for sale. Good grass. Terms liberal. Apply at office. Easy terms can be arranged. The property is well fenced, subdivided and watered. Good homestead. Price and further particulars on application.
Sheep, cattle, and all classes of stock received for sale. Good grass. Terms liberal. Apply at office. Easy terms can be arranged. The property is well fenced, subdivided and watered. Good homestead. Price and further particulars on application.
Sheep, cattle, and all classes of stock received for sale. Good grass. Terms liberal. Apply at office. Easy terms can be arranged. The property is well fenced, subdivided and watered. Good homestead. Price and further particulars on application.
Sheep, cattle, and all classes of stock received for sale. Good grass. Terms liberal. Apply at office. Easy terms can be arranged. The property is well fenced, subdivided and watered. Good homestead. Price and further particulars on application.
Sheep, cattle, and all classes of stock received for sale. Good grass. Terms liberal. Apply at office. Easy terms can be arranged. The property is well fenced, subdivided and watered. Good homestead. Price and further particulars on application.
Sheep, cattle, and all classes of stock received for sale. Good grass. Terms liberal. Apply at office. Easy terms can be arranged. The property is well fenced, subdivided and watered. Good homestead. Price and further particulars on application.
Sheep, cattle, and all classes of stock received for sale. Good grass. Terms liberal. Apply at office. Easy terms can be arranged. The property is well fenced, subdivided and watered. Good homestead. Price and further particulars on application.
Sheep, cattle, and all classes of stock received for sale. Good grass. Terms liberal. Apply at office. Easy terms can be arranged. The property is well fenced, subdivided and watered. Good homestead. Price and further particulars on application.
Sheep, cattle, and all classes of stock received for sale. Good grass. Terms liberal. Apply at office. Easy terms can be arranged. The property is well fenced, subdivided and watered. Good homestead. Price and further particulars on application.
Sheep, cattle, and all classes of stock received for sale. Good grass. Terms liberal. Apply at office. Easy terms can be arranged. The property is well fenced, subdivided and watered. Good homestead. Price and further particulars on application.
Sheep, cattle, and all classes of stock received for sale. Good grass. Terms liberal. Apply at office. Easy terms can be arranged. The property is well fenced, subdivided and watered. Good homestead. Price and further particulars on application.
Sheep, cattle, and all classes of stock received for sale. Good grass. Terms liberal. Apply at office. Easy terms can be arranged. The property is well fenced, subdivided and watered. Good homestead. Price and further particulars on application.
Sheep, cattle, and all classes of stock received for sale. Good grass. Terms liberal. Apply at office. Easy terms can be arranged. The property is well fenced, subdivided and watered. Good homestead. Price and further particulars on application.
Sheep, cattle, and all classes of stock received for sale. Good grass. Terms liberal. Apply at office. Easy terms can be arranged. The property is well fenced, subdivided and watered. Good homestead. Price and further particulars on application.
Sheep, cattle, and all classes of stock received for sale. Good grass. Terms liberal. Apply at office. Easy terms can be arranged. The property is well fenced, subdivided and watered. Good homestead. Price and further particulars on application.
Sheep, cattle, and all classes of stock received for sale. Good grass. Terms liberal. Apply at office. Easy terms can be arranged. The property is well fenced, subdivided and watered. Good homestead. Price and further particulars on application.
Sheep, cattle, and all classes of stock received for sale. Good grass. Terms liberal. Apply at office. Easy terms can be arranged. The property is well fenced, subdivided and watered. Good homestead. Price and further particulars on application.
Sheep, cattle, and all classes of stock received for sale. Good grass. Terms liberal. Apply at office. Easy terms can be arranged. The property is well fenced, subdivided and watered. Good homestead. Price and further particulars on application.
Sheep, cattle, and all classes of stock received for sale. Good grass. Terms liberal. Apply at office. Easy terms can be arranged. The property is well fenced, subdivided and watered. Good homestead. Price and further particulars on application.
Sheep, cattle, and all classes of stock received for sale. Good grass. Terms liberal. Apply at office. Easy terms can be arranged. The property is well fenced, subdivided and watered. Good homestead. Price and further particulars on application.
Sheep, cattle, and all classes of stock received for sale. Good grass. Terms liberal. Apply at office. Easy terms can be arranged. The property is well fenced, subdivided and watered. Good homestead. Price and further particulars on application.
Sheep, cattle, and all classes of stock received for sale. Good grass. Terms liberal. Apply at office. Easy terms can be arranged. The property is well fenced, subdivided and watered. Good homestead. Price and further particulars on application.
Sheep, cattle, and all classes of stock received for sale. Good grass. Terms liberal. Apply at office. Easy terms can be arranged. The property is well fenced, subdivided and watered. Good homestead. Price and further particulars on application.
Sheep, cattle, and all classes of stock received for sale. Good grass. Terms liberal. Apply at office. Easy terms can be arranged. The property is well fenced, subdivided and watered. Good homestead. Price and further particulars on application.
Sheep, cattle, and all classes of stock received for sale. Good grass. Terms liberal. Apply at office. Easy terms can be arranged. The property is well fenced, subdivided and watered. Good homestead. Price and further particulars on application.
Sheep, cattle, and all classes of stock received for sale. Good grass. Terms liberal. Apply at office. Easy terms can be arranged. The property is well fenced, subdivided and watered. Good homestead. Price and further particulars on application.
Sheep, cattle, and all classes of stock received for sale. Good grass. Terms liberal. Apply at office. Easy terms can be arranged. The property is well fenced, subdivided and watered. Good homestead. Price and further particulars on application.
